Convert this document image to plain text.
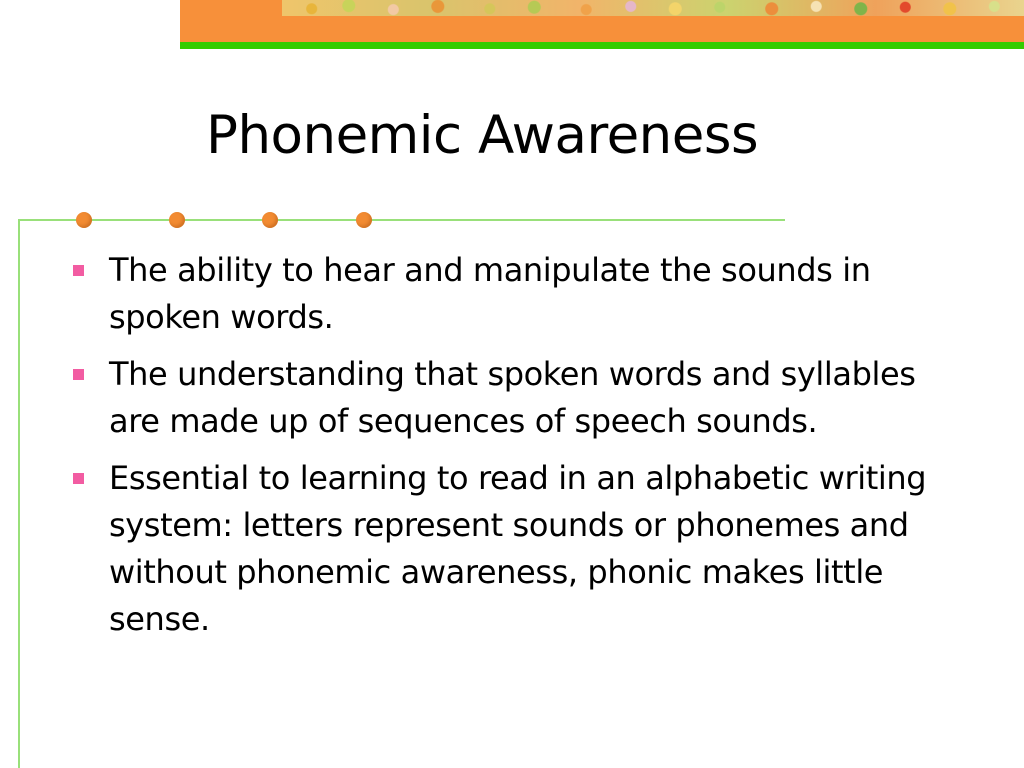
Phonemic Awareness
The ability to hear and manipulate the sounds in spoken words.
The understanding that spoken words and syllables are made up of sequences of speech sounds.
Essential to learning to read in an alphabetic writing system: letters represent sounds or phonemes and without phonemic awareness, phonic makes little sense.
